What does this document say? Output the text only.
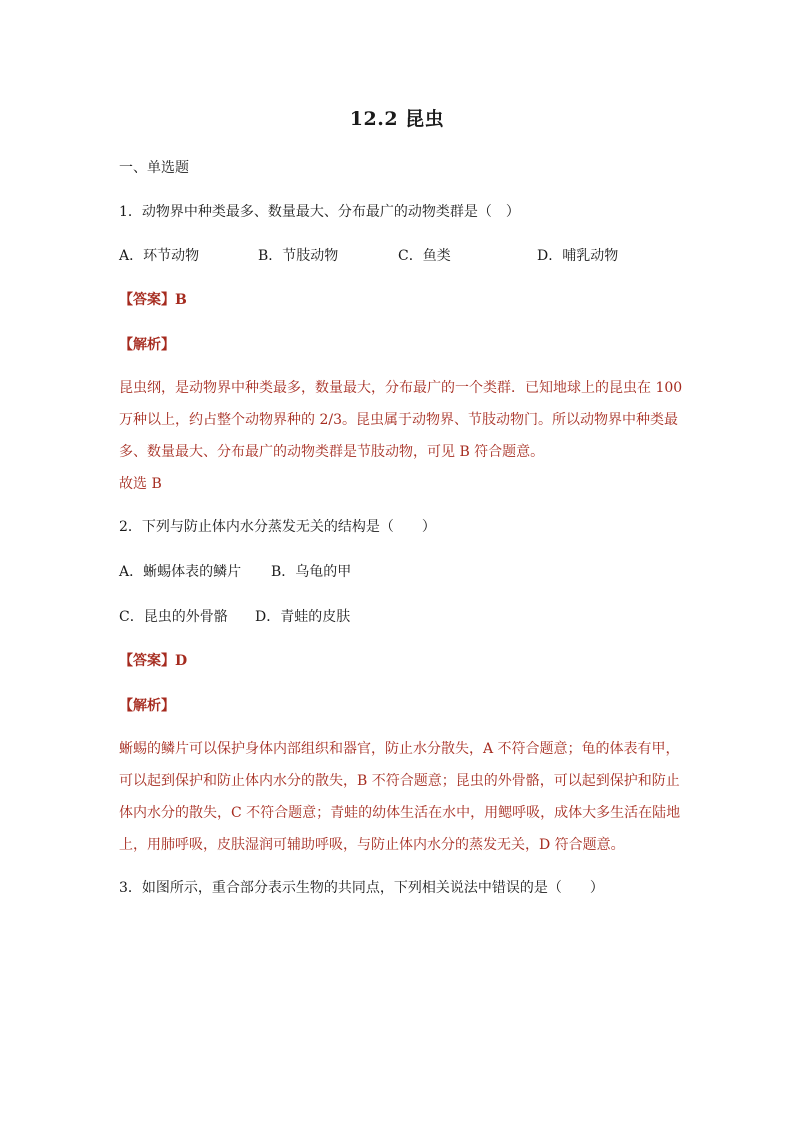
12.2 昆虫
一、单选题
1．动物界中种类最多、数量最大、分布最广的动物类群是（　）
A．环节动物	B．节肢动物	C．鱼类	D．哺乳动物
【答案】B
【解析】
昆虫纲，是动物界中种类最多，数量最大，分布最广的一个类群．已知地球上的昆虫在 100
万种以上，约占整个动物界种的 2/3。昆虫属于动物界、节肢动物门。所以动物界中种类最
多、数量最大、分布最广的动物类群是节肢动物，可见 B 符合题意。
故选 B
2．下列与防止体内水分蒸发无关的结构是（　　）
A．蜥蜴体表的鳞片 B．乌龟的甲
C．昆虫的外骨骼 D．青蛙的皮肤
【答案】D
【解析】
蜥蜴的鳞片可以保护身体内部组织和器官，防止水分散失，A 不符合题意；龟的体表有甲，
可以起到保护和防止体内水分的散失，B 不符合题意；昆虫的外骨骼，可以起到保护和防止
体内水分的散失，C 不符合题意；青蛙的幼体生活在水中，用鳃呼吸，成体大多生活在陆地
上，用肺呼吸，皮肤湿润可辅助呼吸，与防止体内水分的蒸发无关，D 符合题意。
3．如图所示，重合部分表示生物的共同点，下列相关说法中错误的是（　　）
